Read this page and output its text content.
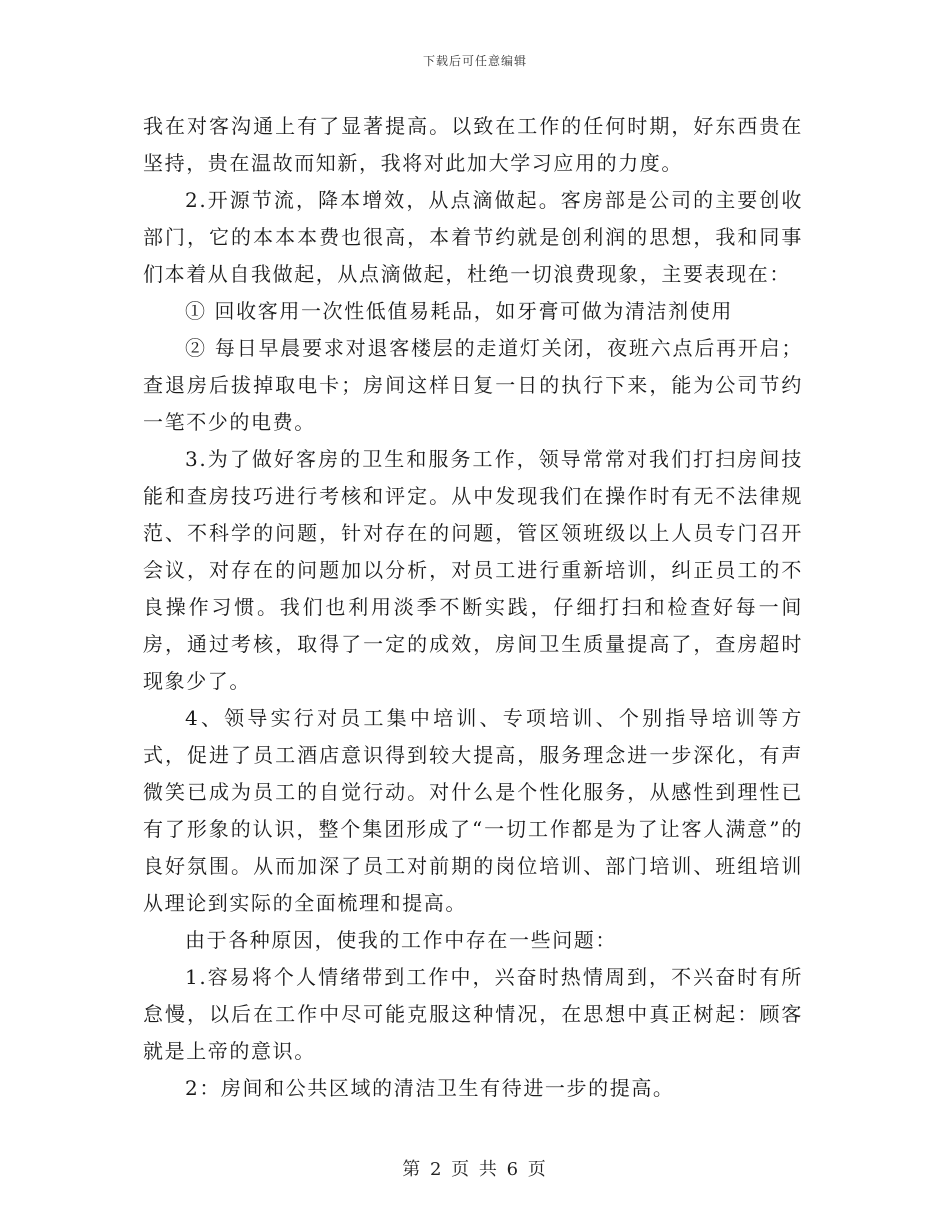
下载后可任意编辑

我在对客沟通上有了显著提高。以致在工作的任何时期，好东西贵在坚持，贵在温故而知新，我将对此加大学习应用的力度。

2.开源节流，降本增效，从点滴做起。客房部是公司的主要创收部门，它的本本本费也很高，本着节约就是创利润的思想，我和同事们本着从自我做起，从点滴做起，杜绝一切浪费现象，主要表现在：

① 回收客用一次性低值易耗品，如牙膏可做为清洁剂使用

② 每日早晨要求对退客楼层的走道灯关闭，夜班六点后再开启；查退房后拔掉取电卡；房间这样日复一日的执行下来，能为公司节约一笔不少的电费。

3.为了做好客房的卫生和服务工作，领导常常对我们打扫房间技能和查房技巧进行考核和评定。从中发现我们在操作时有无不法律规范、不科学的问题，针对存在的问题，管区领班级以上人员专门召开会议，对存在的问题加以分析，对员工进行重新培训，纠正员工的不良操作习惯。我们也利用淡季不断实践，仔细打扫和检查好每一间房，通过考核，取得了一定的成效，房间卫生质量提高了，查房超时现象少了。

4、领导实行对员工集中培训、专项培训、个别指导培训等方式，促进了员工酒店意识得到较大提高，服务理念进一步深化，有声微笑已成为员工的自觉行动。对什么是个性化服务，从感性到理性已有了形象的认识，整个集团形成了“一切工作都是为了让客人满意”的良好氛围。从而加深了员工对前期的岗位培训、部门培训、班组培训从理论到实际的全面梳理和提高。

由于各种原因，使我的工作中存在一些问题：

1.容易将个人情绪带到工作中，兴奋时热情周到，不兴奋时有所怠慢，以后在工作中尽可能克服这种情况，在思想中真正树起：顾客就是上帝的意识。

2：房间和公共区域的清洁卫生有待进一步的提高。

第 2 页 共 6 页
